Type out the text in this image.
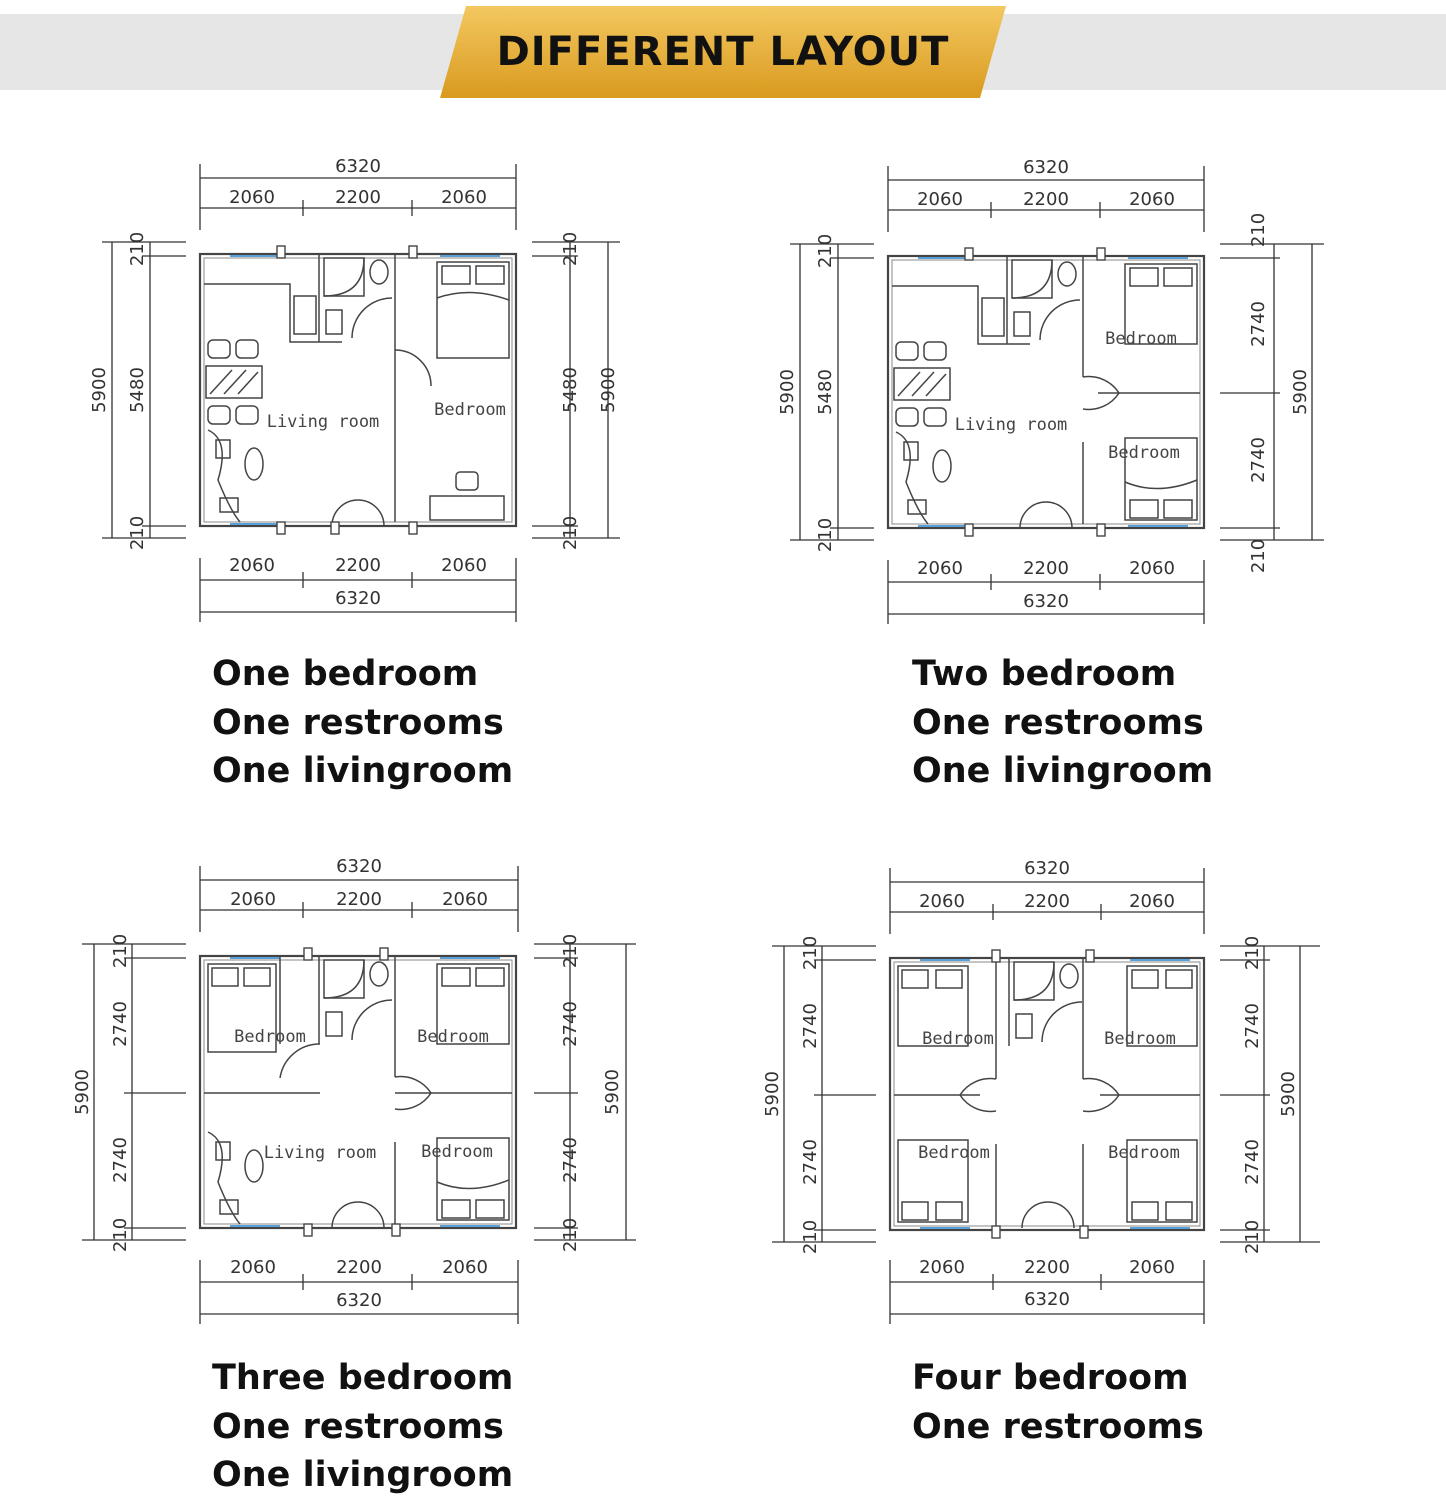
DIFFERENT LAYOUT
Living room
Bedroom
6320
2060	2200	2060
2060	2200	2060
6320
5900 5480
210
210
5480 5900
210
210
One bedroom
One restrooms
One livingroom
Living room
Bedroom
Bedroom
6320
2060	2200	2060
2060	2200	2060
6320
5900 5480
210
210
210
2740
2740
210
5900
Two bedroom
One restrooms
One livingroom
Bedroom	Bedroom
Living room	Bedroom
6320
2060	2200	2060
2060	2200	2060
6320
5900
2740
2740
210
210
210
2740
2740
210
5900
Three bedroom
One restrooms
One livingroom
Bedroom	Bedroom
Bedroom	Bedroom
6320
2060	2200	2060
2060	2200	2060
6320
5900
2740
2740
210
210
210
2740
2740
210
5900
Four bedroom
One restrooms
